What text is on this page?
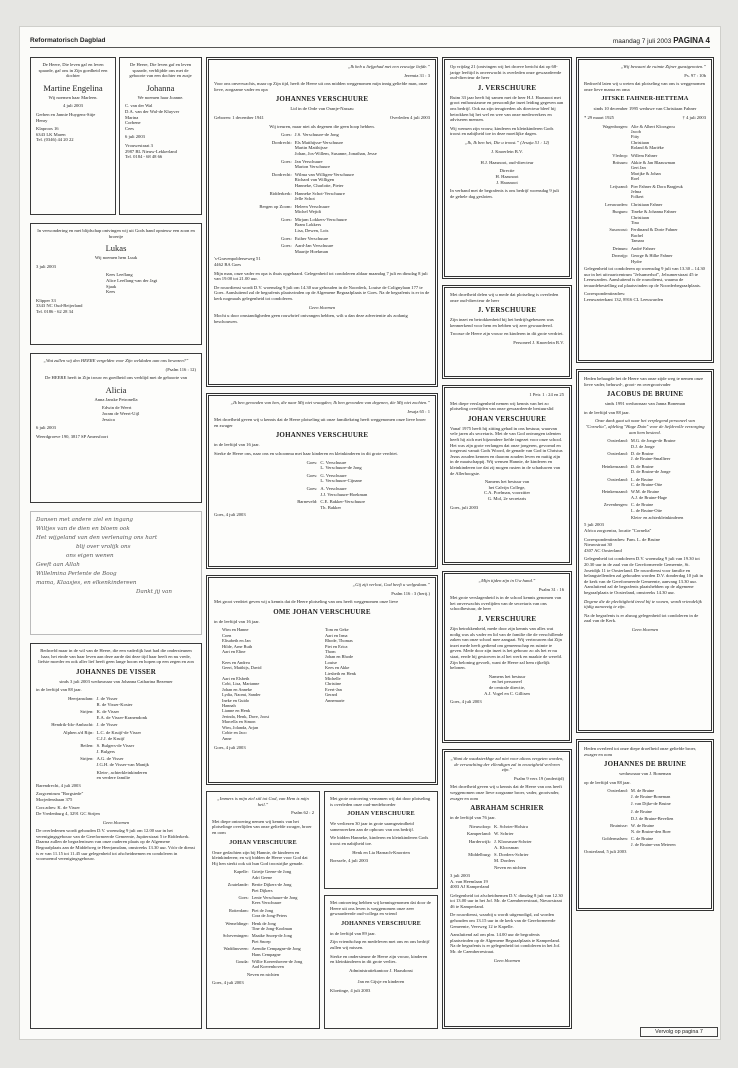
Reformatorisch Dagblad	maandag 7 juli 2003 PAGINA 4

De Heere, Die leven gaf en leven spaarde, gaf ons in Zijn goedheid een dochter

Martine Engelina

Wij noemen haar Marleen.

4 juli 2003

Gerben en Jannie Huygens-Sitje
Henry

Klaproos 16
6343 LK Maren
Tel. (0346) 44 20 22

De Heere, Die leven gaf en leven spaarde, verblijdde ons met de geboorte van een dochter en zusje

Johanna

We noemen haar Joanne.

C. van der Wal
D.A. van der Wal-de Kluyver
Marina
Corbene
Cees

6 juli 2003

Vrouwestraat 3
2987 BL Nieuw-Lekkerland
Tel. 0184 - 68 48 66

In verwondering en met blijdschap ontvingen wij uit Gods hand opnieuw een zoon en broertje

Lukas

Wij noemen hem Luuk

3 juli 2003

Kees Leeflang
Alice Leeflang-van der Jagt
Sjaak
Kees

Klipper 33
3343 NC Oud-Beijerland
Tel. 0186 - 62 28 34

„Wat zullen wij den HEERE vergelden voor Zijn weldaden aan ons bewezen?”

(Psalm 116 : 12)

De HEERE heeft in Zijn trouw en goedheid ons verblijd met de geboorte van

Alicia

Anna Janske Petronella

Edwin de Weert
Joram de Weert-Uijl
Jessica

6 juli 2003

Weerdgroeve 190, 3817 SP Amersfoort

Dansen met andere ziel en ingang
Wiltjes van de dien en bloem ook
Het wijgeland van den verlenaing ons hart
blij over vrolijk ons
ons eigen wenen
Geeft aan Allah
Willelmina Perlente de Boog
mama, Klaasjes, en elkenkindereen
Dankt jij van

Bedroefd maar in de wil van de Heere, die een vaderlijk hart had die ondersteunen haar, het einde van haar leven aan deze aarde dat deze tijd haar heeft en nu vrede, liefste moeder en ook aller lief heeft geen lange hoorn en hopen op een zegen en zon

JOHANNES DE VISSER

sinds 3 juli 2003 weduwnaar van Johanna Catharina Bezemer

in de leeftijd van 88 jaar.

Heerjansdam: J. de Visser
R. de Visser-Koster
Strijen: K. de Visser
E.A. de Visser-Kranendonk
Hendrik-Ido-Ambacht: J. de Visser
Alphen a/d Rijn: L.C. de Kruijf-de Visser
C.J.J. de Kruijf
Beilen: S. Bulgers-de Visser
J. Bulgers
Strijen: A.G. de Visser
J.G.H. de Visser-van Manijk
Klein-, achterkleinkinderen
en verdere familie

Barendrecht, 4 juli 2003

Zorgcentrum "Borgstede"
Morjedensbaan 375

Corr.adres: K. de Visser
De Vredenburg 4, 3291 GC Strijen

Geen bloemen

De overledenen wordt gehouden D.V. woensdag 9 juli om 12.00 uur in het verenigingsgebouw van de Gereformeerde Gemeente, Jupiterstraat 5 te Ridderkerk. Daarna zullen de begrafenissen van onze ouderen plaats op de Algemene Begraafplaats aan de Middelweg te Heerjansdam, omstreeks 13.30 uur. Vóór de dienst is er van 11.15 tot 11.45 uur gelegenheid tot afscheidnemen en condoleren in voornoemd verenigingsgebouw.

„Ik heb u liefgehad met een eeuwige liefde.”

Jeremia 31 : 3

Voor ons onverwachts, maar op Zijn tijd, heeft de Heere uit ons midden weggenomen mijn innig geliefde man, onze lieve, zorgzame vader en opa

JOHANNES VERSCHUURE

Lid in de Orde van Oranje-Nassau

Geboren: 1 december 1941	Overleden 4 juli 2003

Wij treuren, maar niet als degenen die geen hoop hebben.

Goes: J.S. Verschuure-de Jong
Dordrecht: Els Matthijsse-Verschuure
Martin Matthijsse
Johan, Jos-Willem, Susanne, Jonathan, Jesse
Goes: Jan Verschuure
Marion Verschuure
Dordrecht: Wilma van Willigen-Verschuure
Richard van Willigen
Hanneke, Charlotte, Pieter
Ridderkerk: Hanneke Schot-Verschuure
Jelle Schot
Bergen op Zoom: Heleen Verschuure
Michel Wejidt
Goes: Mirjam Lokkers-Verschuure
Bram Lokkers
Lisa, Dewen, Lois
Goes: Esther Verschuure
Goes: Aard-Jan Verschuure
Maartje Hoekman

's-Gravenpolderseweg 51
4462 BA Goes

Mijn man, onze vader en opa is thuis opgebaard. Gelegenheid tot condoleren aldaar maandag 7 juli en dinsdag 8 juli van 19.00 tot 21.00 uur.

De rouwdienst wordt D.V. woensdag 9 juli om 14.30 uur gehouden in de Noorderk, Louise de Colignylaan 177 te Goes. Aansluitend zal de begrafenis plaatsvinden op de Algemene Begraafplaats te Goes. Na de begrafenis is er in de kerk nogmaals gelegenheid tot condoleren.

Geen bloemen

Mocht u door omstandigheden geen rouwbrief ontvangen hebben, wilt u dan deze advertentie als zodanig beschouwen.

„Ik ben gevonden van hen, die naar Mij niet vraagden; Ik ben gevonden van degenen, die Mij niet zochten.”

Jesaja 65 : 1

Met droefheid geven wij u kennis dat de Heere plotseling uit onze familiekring heeft weggenomen onze lieve broer en zwager

JOHANNES VERSCHUURE

in de leeftijd van 16 jaar.

Sterke de Heere ons, naar ons en schoonma met haar kinderen en kleinkinderen in dit grote verdriet.

Goes: C. Verschuure
L. Verschuure-de Jong
Goes: G. Verschuure
L. Verschuure-Cijnane
Goes: A. Verschuure
J.J. Verschuure-Hoekman
Barneveld: C.E. Bakker-Verschuure
Th. Bakker

Goes, 4 juli 2003

„Gij zijt verlost, God heeft u welgedaan.”

Psalm 116 : 3 (berij.)

Met groot verdriet geven wij u kennis dat de Heere plotseling van ons heeft weggenomen onze lieve

OME JOHAN VERSCHUURE

in de leeftijd van 16 jaar.

Wim en Hanne
Coen
Elisabeth en Jan
Hilde, Arne Ruth
Aart en Eline

Kees en Andrea
Geert, Matthijs, David

Aart en Elsbeth
Cobi, Lisa, Marianne
Johan en Anneke
Lydia, Naomi, Sander
Ineke en Guido
Hannah
Lianne en Henk
Jerinda, Henk, Dave, Joost
Marcella en Simon
Wim, Jolanda, Arjan
Cobie en Jaco
Anne
Tom en Geke
Aart en Irma
Rhode, Thomas
Piet en Erica
Thom
Johan en Rhode
Louise
Kees en Akke
Liesbeth en Henk
Michelle
Christine
Evert-Jan
Gerard
Annemarie

Goes, 4 juli 2003

„Immers is mijn ziel stil tot God, van Hem is mijn heil.”

Psalm 62 : 2

Met diepe ontroering nemen wij kennis van het plotselinge overlijden van onze geliefde zwager, broer en oom

JOHAN VERSCHUURE

Onze gedachten zijn bij Hannie, de kinderen en kleinkinderen; en wij bidden de Heere voor God dat Hij hen sterkt ook uit hun God troostrijke genade.

Kapelle: Grietje Geene-de Jong
Adri Geene
Zoutelande: Bertie Dijkers-de Jong
Piet Dijkers
Goes: Lenie Verschuure-de Jong
Kees Verschuure
Rotterdam: Piet de Jong
Cora de Jong-Peters
Wemeldinge: Henk de Jong
Tine de Jong-Koolman
Scheveningen: Maaike Snoep-de Jong
Piet Snoep
Waddinxveen: Arendie Cempagne-de Jong
Hans Cempagne
Gouda: Willie Koerenhoven-de Jong
Aad Koerenhoven

Neven en nichten

Goes, 4 juli 2003

Met grote ontroering vernamen wij dat door plotseling is overleden onze oud-medebroeder

JOHAN VERSCHUURE

We verliezen 30 jaar in grote saamgezindheid samenwerken aan de opbouw van ons bedrijf.

We bidden Hanneke, kinderen en kleinkinderen Gods troost en nabijheid toe.

Henk en Lia Harnach-Knorrien

Borssele, 4 juli 2003

Met ontroering hebben wij kennisgenomen dat door de Heere uit ons leven is weggenomen onze zeer gewaardeerde oud-collega en vriend

JOHANNES VERSCHUURE

in de leeftijd van 89 jaar.

Zijn vriendschap en medeleven met ons en ons bedrijf zullen wij missen.

Sterke en ondersteune de Heere zijn vrouw, kinderen en kleinkinderen in dit grote verlies.

Administratiekantoor J. Haasdonst

Jan en Gijsje en kinderen

Kloetinge, 4 juli 2003

Op vrijdag 21 (ontvingen wij het droeve bericht dat op 68-jarige leeftijd is onverwacht is overleden onze gewaardeerde oud-directeur de heer

J. VERSCHUURE

Ruim 33 jaar heeft hij samen met de heer H.J. Haasnoot met groot enthousiasme en persoonlijke inzet leiding gegeven aan ons bedrijf. Ook na zijn terugtreden als directeur bleef hij betrokken bij het wel en wee van onze medewerkers en adviseren mensen.

Wij wensen zijn vrouw, kinderen en kleinkinderen Gods troost en nabijheid toe in deze moeilijke dagen.

„Ik, Ik ben het, Die u troost.” (Jesaja 51 : 12)

J. Knoerlein B.V.

H.J. Haasnoot, oud-directeur

Directie
H. Haasnoot
J. Haasnoot

In verband met de begrafenis is ons bedrijf woensdag 9 juli de gehele dag gesloten.

Met droefheid delen wij u mede dat plotseling is overleden onze oud-directeur de heer

J. VERSCHUURE

Zijn inzet en betrokkenheid bij het bedrijfsgebeuren was kenmerkend voor hem en hebben wij zeer gewaardeerd.

Troosse de Heere zijn vrouw en kinderen in dit grote verdriet.

Personeel J. Knoerlein B.V.

1 Petr. 1 : 24 en 25

Met diepe verslagenheid nemen wij kennis van het zo plotseling overlijden van onze gewaardeerde bestuurslid

JOHAN VERSCHUURE

Vanaf 1975 heeft hij zitting gehad in ons bestuur, waarvan vele jaren als secretaris. Met de van God ontvangen talenten heeft hij zich met bijzondere liefde ingezet voor onze school. Het was zijn grote verlangen dat onze jongeren, gevormd en toegerust vanuit Gods Woord, de genade van God in Christus Jezus zouden kennen en daarom zouden leven en nuttig zijn in de maatschappij. Wij wensen Hannie, de kinderen en kleinkinderen toe dat zij mogen rusten in de schaduwen van de Allerhoogste.

Namens het bestuur van
het Calvijn College,
C.A. Poelman, voorzitter
G. Mol, 2e secretaris

Goes, juli 2003

„Mijn tijden zijn in Uw hand.”

Psalm 31 : 16

Met grote verslagenheid is in de school kennis genomen van het onverwachts overlijden van de secretaris van ons schoolbestuur, de heer

J. VERSCHUURE

Zijn betrokkenheid, mede door zijn kennis van alles wat nodig was als vader en lid van de familie die de verschillende zaken van onze school mee aangaat. Wij vertrouwen dat Zijn inzet mede heeft gediend om gemeenschap en ruimte te geven. Mede door zijn inzet is het gebouw zo als het er nu staat, eerde hij gestorven in al het werk en maakte de wereld. Zijn beloning gevoelt, want de Heere zal hem rijkelijk belonen.

Namens het bestuur
en het personeel
de centrale directie,
A.J. Vogel en C. Gillisen

Goes, 4 juli 2003

„Want de waaksterkhge zal niet voor altoos vergeten worden, de verwachting der ellendigen zal in eeuwigheid verloren zijn.”

Psalm 9 vers 19 (ondertijd)

Met droefheid geven wij u kennis dat de Heere van ons heeft weggenomen onze lieve zorgzame broer, vader, grootvader, zwager en oom

ABRAHAM SCHRIER

in de leeftijd van 76 jaar.

Nieuwdorp: K. Schrier-Holstra
Kamperland: W. Schrier
Harderwijk: J. Kloosman-Schrier
A. Kloosman
Middelburg: S. Dorders-Schrier
M. Dorders
Neven en nichten

3 juli 2003
A. van Heemlaan 19
4003 AJ Kamperland

Gelegenheid tot afscheidnemen D.V. dinsdag 8 juli van 12.30 tot 13.00 uur in het Jof. Mr. de Caemberrestraat, Nieuwstraat 46 te Kamperland.

De rouwdienst, waarbij u wordt uitgenodigd, zal worden gehouden om 13.15 uur in de kerk van de Gereformeerde Gemeente, Veerweg 12 te Kapelle.

Aansluitend zal om plm. 14.00 uur de begrafenis plaatsvinden op de Algemene Begraafplaats te Kamperland. Na de begrafenis is er gelegenheid tot condoleren in het Jof. Mr. de Caemberrestraat.

Geen bloemen

„Wij bewaart de ruimte Zijner gunstgenoten.”

Ps. 97 : 10b

Bedroefd laten wij u weten dat plotseling van ons is weggenomen onze lieve mama en oma

JITSKE FAHNER-HETTEMA

sinds 10 december 1995 weduwe van Christiaan Fahner

* 29 maart 1925	† 4 juli 2003

Wagenborgen: Alie & Albert Kloosgrou
Jacob
Fitty
Christiaan
Roland & Mariëke
Vledrop: Willem Fahner
Britsum: Akkie & Jan Blaauwman
Gert Jan
Marijke & Johan
Roel
Leijsrand: Pier Fahner & Dora Bargjeuk
Jelma
Folkert
Leeuwarden: Christiaan Fahner
Burgum: Tineke & Johanna Fahner
Christiaan
Tina
Susowout: Ferdinand & Dorie Fahner
Bachel
Tamara
Deinum: André Fahner
Dronrijp: George & Hilke Fahner
Hydre

Gelegenheid tot condoleren op woensdag 9 juli van 13.30 – 14.30 uur in het uitvaartcentrum "Jelsumerhof", Jelsumerstraat 45 te Leeuwarden. Aansluitend is de rouwdienst, waarna de teraardebestelling zal plaatsvinden op de Noorderbegraafplaats.

Correspondentieadres:
Leeuwarterkant 132, 8916 CL Leeuwarden

Heden behaagde het de Heere van onze zijde weg te nemen onze lieve vader, behuwd-, groot- en overgrootvader

JACOBUS DE BRUINE

sinds 1991 weduwnaar van Janna Boneman

in de leeftijd van 88 jaar.

Onze dank gaat uit naar het verplegend personeel van "Cornelia", afdeling "Hage Duin" voor de liefdevolle verzorging aan hem besteed.

Oosterland: M.G. de Jonge-de Bruine
D.J. de Jonge
Oosterland: D. de Bruine
J. de Bruine-Smallteer
Heinkenszand: D. de Bruine
D. de Bruine-de Jonge
Oosterland: L. de Bruine
C. de Bruine-Otte
Heinkenszand: W.M. de Bruine
A.J. de Bruine-Hage
Zevenbergen: C. de Bruine
L. de Bruine-Otte
Klein- en achterkleinkinderen

5 juli 2003
Africa zorgcentra, locatie "Cornelia"

Correspondentieadres: Fam. L. de Bruine
Nieuwstraat 30
4307 AC Oosterland

Gelegenheid tot condoleren D.V. woensdag 9 juli van 19.30 tot 20.30 uur in de zaal van de Gereformeerde Gemeente, St. Josetdijk 11 te Oosterland. De rouwdienst voor familie en belangstellenden zal gehouden worden D.V. donderdag 10 juli in de kerk van de Gereformeerde Gemeente, aanvang 13.30 uur. Aansluitend zal de begrafenis plaatshebben op de algemene begraafplaats te Oosterland, omstreeks 14.30 uur.

Degene die de plechtigheid treed bij te wonen, wordt vriendelijk tijdig aanwezig te zijn.

Na de begrafenis is er alsnog gelegenheid tot condoleren in de zaal van de Kerk.

Geen bloemen

Heden overleed tot onze diepe droefheid onze geliefde broer, zwager en oom

JOHANNES DE BRUINE

weduwnaar van J. Boneman

op de leeftijd van 88 jaar.

Oosterland: M. de Bruine
J. de Bruine-Boneman
J. van Dijke-de Bruine
J. de Bruine
D.J. de Bruine-Bevelien
Bruinisse: W. de Bruine
N. de Bruine-den Boer
Goldermalsen: C. de Bruine
J. de Bruine-van Meteren

Oosterland, 5 juli 2003

Vervolg op pagina 7
